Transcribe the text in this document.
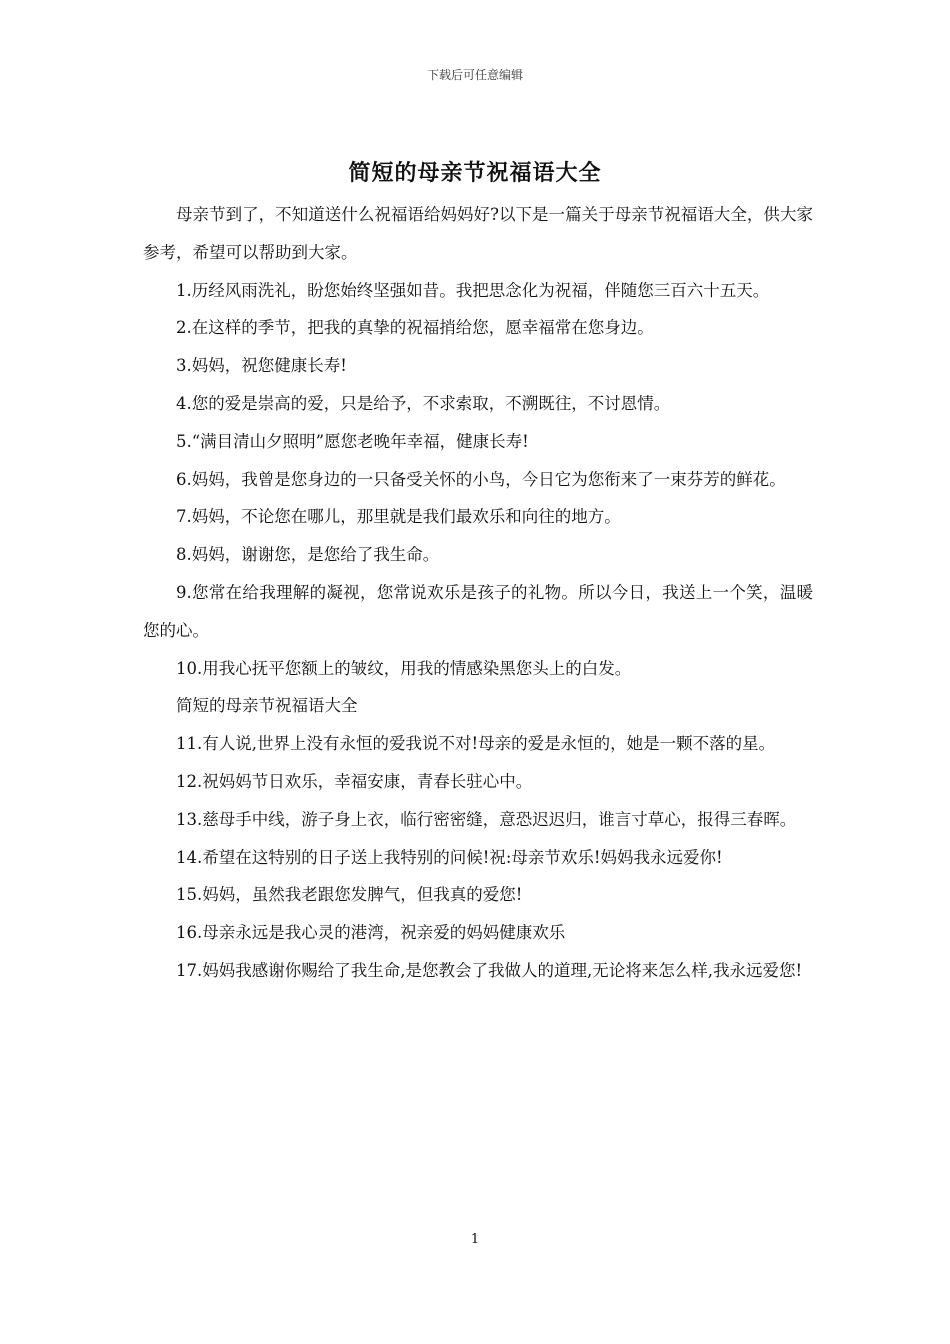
下载后可任意编辑
简短的母亲节祝福语大全

母亲节到了，不知道送什么祝福语给妈妈好?以下是一篇关于母亲节祝福语大全，供大家参考，希望可以帮助到大家。

1.历经风雨洗礼，盼您始终坚强如昔。我把思念化为祝福，伴随您三百六十五天。

2.在这样的季节，把我的真挚的祝福捎给您，愿幸福常在您身边。

3.妈妈，祝您健康长寿!

4.您的爱是崇高的爱，只是给予，不求索取，不溯既往，不讨恩情。

5.“满目清山夕照明”愿您老晚年幸福，健康长寿!

6.妈妈，我曾是您身边的一只备受关怀的小鸟，今日它为您衔来了一束芬芳的鲜花。

7.妈妈，不论您在哪儿，那里就是我们最欢乐和向往的地方。

8.妈妈，谢谢您，是您给了我生命。

9.您常在给我理解的凝视，您常说欢乐是孩子的礼物。所以今日，我送上一个笑，温暖您的心。

10.用我心抚平您额上的皱纹，用我的情感染黑您头上的白发。

简短的母亲节祝福语大全

11.有人说,世界上没有永恒的爱我说不对!母亲的爱是永恒的，她是一颗不落的星。

12.祝妈妈节日欢乐，幸福安康，青春长驻心中。

13.慈母手中线，游子身上衣，临行密密缝，意恐迟迟归，谁言寸草心，报得三春晖。

14.希望在这特别的日子送上我特别的问候!祝:母亲节欢乐!妈妈我永远爱你!

15.妈妈，虽然我老跟您发脾气，但我真的爱您!

16.母亲永远是我心灵的港湾，祝亲爱的妈妈健康欢乐

17.妈妈我感谢你赐给了我生命,是您教会了我做人的道理,无论将来怎么样,我永远爱您!

1
